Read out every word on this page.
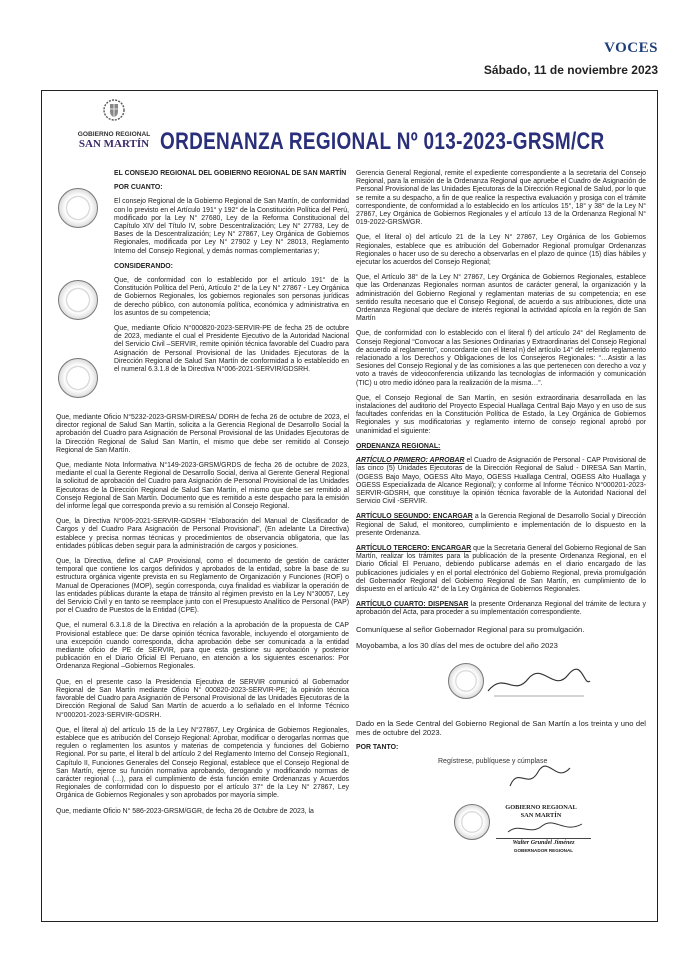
VOCES
Sábado, 11 de noviembre 2023
GOBIERNO REGIONAL
SAN MARTÍN ORDENANZA REGIONAL Nº 013-2023-GRSM/CR

EL CONSEJO REGIONAL DEL GOBIERNO REGIONAL DE SAN MARTÍN

POR CUANTO:

El consejo Regional de la Gobierno Regional de San Martín, de conformidad con lo previsto en el Artículo 191° y 192° de la Constitución Política del Perú, modificado por la Ley N° 27680, Ley de la Reforma Constitucional del Capítulo XIV del Título IV, sobre Descentralización; Ley N° 27783, Ley de Bases de la Descentralización; Ley N° 27867, Ley Orgánica de Gobiernos Regionales, modificada por Ley N° 27902 y Ley N° 28013, Reglamento Interno del Consejo Regional, y demás normas complementarias y;

CONSIDERANDO:

Que, de conformidad con lo establecido por el artículo 191° de la Constitución Política del Perú, Artículo 2° de la Ley N° 27867 - Ley Orgánica de Gobiernos Regionales, los gobiernos regionales son personas jurídicas de derecho público, con autonomía política, económica y administrativa en los asuntos de su competencia;

Que, mediante Oficio N°000820-2023-SERVIR-PE de fecha 25 de octubre de 2023, mediante el cual el Presidente Ejecutivo de la Autoridad Nacional del Servicio Civil –SERVIR, remite opinión técnica favorable del Cuadro para Asignación de Personal Provisional de las Unidades Ejecutoras de la Dirección Regional de Salud San Martín de conformidad a lo establecido en el numeral 6.3.1.8 de la Directiva N°006-2021-SERVIR/GDSRH.

Que, mediante Oficio N°5232-2023-GRSM-DIRESA/ DDRH de fecha 26 de octubre de 2023, el director regional de Salud San Martín, solicita a la Gerencia Regional de Desarrollo Social la aprobación del Cuadro para Asignación de Personal Provisional de las Unidades Ejecutoras de la Dirección Regional de Salud San Martín, el mismo que debe ser remitido al Consejo Regional de San Martín.

Que, mediante Nota Informativa N°149-2023-GRSM/GRDS de fecha 26 de octubre de 2023, mediante el cual la Gerente Regional de Desarrollo Social, deriva al Gerente General Regional la solicitud de aprobación del Cuadro para Asignación de Personal Provisional de las Unidades Ejecutoras de la Dirección Regional de Salud San Martín, el mismo que debe ser remitido al Consejo Regional de San Martín. Documento que es remitido a este despacho para la emisión del informe legal que corresponda previo a su remisión al Consejo Regional.

Que, la Directiva N°006-2021-SERVIR-GDSRH “Elaboración del Manual de Clasificador de Cargos y del Cuadro Para Asignación de Personal Provisional”, (En adelante La Directiva) establece y precisa normas técnicas y procedimientos de observancia obligatoria, que las entidades públicas deben seguir para la administración de cargos y posiciones.

Que, la Directiva, define al CAP Provisional, como el documento de gestión de carácter temporal que contiene los cargos definidos y aprobados de la entidad, sobre la base de su estructura orgánica vigente prevista en su Reglamento de Organización y Funciones (ROF) o Manual de Operaciones (MOP), según corresponda, cuya finalidad es viabilizar la operación de las entidades públicas durante la etapa de tránsito al régimen previsto en la Ley N°30057, Ley del Servicio Civil y en tanto se reemplace junto con el Presupuesto Analítico de Personal (PAP) por el Cuadro de Puestos de la Entidad (CPE).

Que, el numeral 6.3.1.8 de la Directiva en relación a la aprobación de la propuesta de CAP Provisional establece que: De darse opinión técnica favorable, incluyendo el otorgamiento de una excepción cuando corresponda, dicha aprobación debe ser comunicada a la entidad mediante oficio de PE de SERVIR, para que esta gestione su aprobación y posterior publicación en el Diario Oficial El Peruano, en atención a los siguientes escenarios: Por Ordenanza Regional –Gobiernos Regionales.

Que, en el presente caso la Presidencia Ejecutiva de SERVIR comunicó al Gobernador Regional de San Martín mediante Oficio N° 000820-2023-SERVIR-PE; la opinión técnica favorable del Cuadro para Asignación de Personal Provisional de las Unidades Ejecutoras de la Dirección Regional de Salud San Martín de acuerdo a lo señalado en el Informe Técnico N°000201-2023-SERVIR-GDSRH.

Que, el literal a) del artículo 15 de la Ley N°27867, Ley Orgánica de Gobiernos Regionales, establece que es atribución del Consejo Regional: Aprobar, modificar o derogarlas normas que regulen o reglamenten los asuntos y materias de competencia y funciones del Gobierno Regional. Por su parte, el literal b del artículo 2 del Reglamento Interno del Consejo Regional1, Capítulo II, Funciones Generales del Consejo Regional, establece que el Consejo Regional de San Martín, ejerce su función normativa aprobando, derogando y modificando normas de carácter regional (…), para el cumplimiento de ésta función emite Ordenanzas y Acuerdos Regionales de conformidad con lo dispuesto por el artículo 37° de la Ley N° 27867, Ley Orgánica de Gobiernos Regionales y son aprobados por mayoría simple.

Que, mediante Oficio N° 586-2023-GRSM/GGR, de fecha 26 de Octubre de 2023, la

Gerencia General Regional, remite el expediente correspondiente a la secretaria del Consejo Regional, para la emisión de la Ordenanza Regional que apruebe el Cuadro de Asignación de Personal Provisional de las Unidades Ejecutoras de la Dirección Regional de Salud, por lo que se remite a su despacho, a fin de que realice la respectiva evaluación y prosiga con el trámite correspondiente, de conformidad a lo establecido en los artículos 15°, 18° y 38° de la Ley N° 27867, Ley Orgánica de Gobiernos Regionales y el artículo 13 de la Ordenanza Regional N° 019-2022-GRSM/GR.

Que, el literal o) del artículo 21 de la Ley N° 27867, Ley Orgánica de los Gobiernos Regionales, establece que es atribución del Gobernador Regional promulgar Ordenanzas Regionales o hacer uso de su derecho a observarlas en el plazo de quince (15) días hábiles y ejecutar los acuerdos del Consejo Regional;

Que, el Artículo 38° de la Ley N° 27867, Ley Orgánica de Gobiernos Regionales, establece que las Ordenanzas Regionales norman asuntos de carácter general, la organización y la administración del Gobierno Regional y reglamentan materias de su competencia; en ese sentido resulta necesario que el Consejo Regional, de acuerdo a sus atribuciones, dicte una Ordenanza Regional que declare de interés regional la actividad apícola en la región de San Martín

Que, de conformidad con lo establecido con el literal f) del artículo 24° del Reglamento de Consejo Regional “Convocar a las Sesiones Ordinarias y Extraordinarias del Consejo Regional de acuerdo al reglamento”, concordante con el literal n) del artículo 14° del referido reglamento relacionado a los Derechos y Obligaciones de los Consejeros Regionales: “…Asistir a las Sesiones del Consejo Regional y de las comisiones a las que pertenecen con derecho a voz y voto a través de videoconferencia utilizando las tecnologías de información y comunicación (TIC) u otro medio idóneo para la realización de la misma…”.

Que, el Consejo Regional de San Martín, en sesión extraordinaria desarrollada en las instalaciones del auditorio del Proyecto Especial Huallaga Central Bajo Mayo y en uso de sus facultades conferidas en la Constitución Política de Estado, la Ley Orgánica de Gobiernos Regionales y sus modificatorias y reglamento interno de consejo regional aprobó por unanimidad el siguiente:

ORDENANZA REGIONAL:

ARTÍCULO PRIMERO: APROBAR el Cuadro de Asignación de Personal - CAP Provisional de las cinco (5) Unidades Ejecutoras de la Dirección Regional de Salud - DIRESA San Martín, (OGESS Bajo Mayo, OGESS Alto Mayo, OGESS Huallaga Central, OGESS Alto Huallaga y OGESS Especializada de Alcance Regional); y conforme al Informe Técnico N°000201-2023-SERVIR-GDSRH, que constituye la opinión técnica favorable de la Autoridad Nacional del Servicio Civil -SERVIR.

ARTÍCULO SEGUNDO: ENCARGAR a la Gerencia Regional de Desarrollo Social y Dirección Regional de Salud, el monitoreo, cumplimiento e implementación de lo dispuesto en la presente Ordenanza.

ARTÍCULO TERCERO: ENCARGAR que la Secretaria General del Gobierno Regional de San Martín, realizar los trámites para la publicación de la presente Ordenanza Regional, en el Diario Oficial El Peruano, debiendo publicarse además en el diario encargado de las publicaciones judiciales y en el portal electrónico del Gobierno Regional, previa promulgación del Gobernador Regional del Gobierno Regional de San Martín, en cumplimiento de lo dispuesto en el artículo 42° de la Ley Orgánica de Gobiernos Regionales.

ARTÍCULO CUARTO: DISPENSAR la presente Ordenanza Regional del trámite de lectura y aprobación del Acta, para proceder a su implementación correspondiente.

Comuníquese al señor Gobernador Regional para su promulgación.

Moyobamba, a los 30 días del mes de octubre del año 2023

Dado en la Sede Central del Gobierno Regional de San Martín a los treinta y uno del mes de octubre del 2023.

POR TANTO:

Regístrese, publíquese y cúmplase
GOBIERNO REGIONAL
SAN MARTÍN
Walter Grundel Jiménez
GOBERNADOR REGIONAL
